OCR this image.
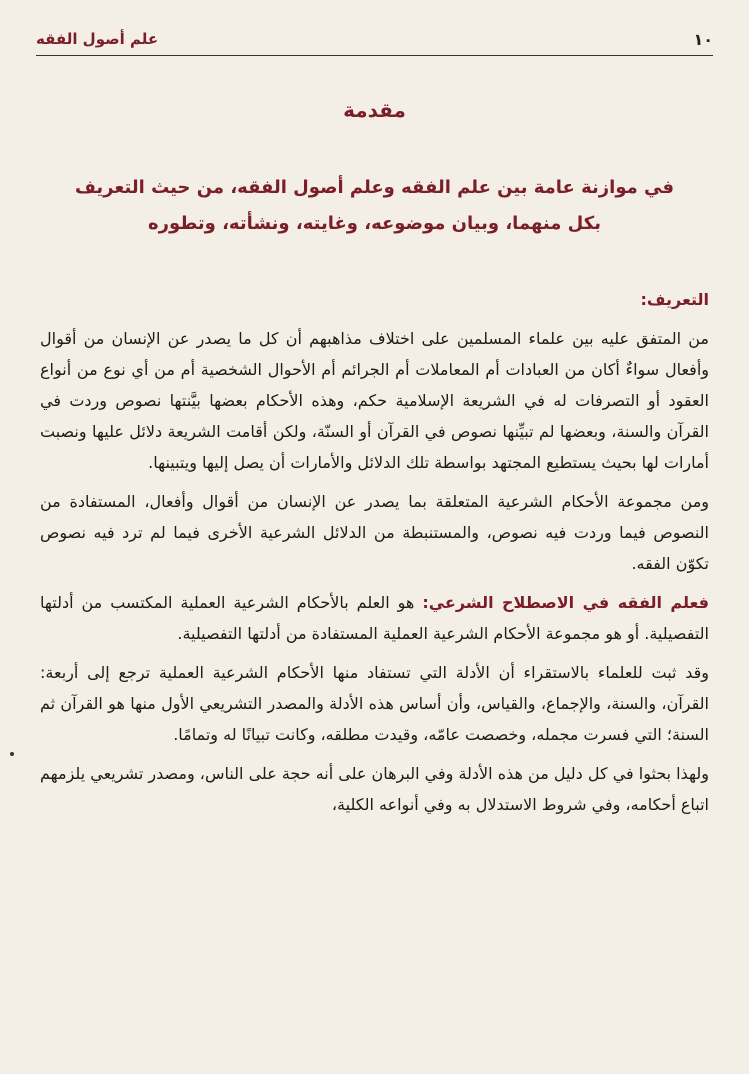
١٠
علم أصول الفقه
مقدمة
في موازنة عامة بين علم الفقه وعلم أصول الفقه، من حيث التعريف بكل منهما، وبيان موضوعه، وغايته، ونشأته، وتطوره

التعريف:

من المتفق عليه بين علماء المسلمين على اختلاف مذاهبهم أن كل ما يصدر عن الإنسان من أقوال وأفعال سواءٌ أكان من العبادات أم المعاملات أم الجرائم أم الأحوال الشخصية أم من أي نوع من أنواع العقود أو التصرفات له في الشريعة الإسلامية حكم، وهذه الأحكام بعضها بيَّنتها نصوص وردت في القرآن والسنة، وبعضها لم تبيِّنها نصوص في القرآن أو السنّة، ولكن أقامت الشريعة دلائل عليها ونصبت أمارات لها بحيث يستطيع المجتهد بواسطة تلك الدلائل والأمارات أن يصل إليها ويتبينها.

ومن مجموعة الأحكام الشرعية المتعلقة بما يصدر عن الإنسان من أقوال وأفعال، المستفادة من النصوص فيما وردت فيه نصوص، والمستنبطة من الدلائل الشرعية الأخرى فيما لم ترد فيه نصوص تكوّن الفقه.

فعلم الفقه في الاصطلاح الشرعي: هو العلم بالأحكام الشرعية العملية المكتسب من أدلتها التفصيلية. أو هو مجموعة الأحكام الشرعية العملية المستفادة من أدلتها التفصيلية.

وقد ثبت للعلماء بالاستقراء أن الأدلة التي تستفاد منها الأحكام الشرعية العملية ترجع إلى أربعة: القرآن، والسنة، والإجماع، والقياس، وأن أساس هذه الأدلة والمصدر التشريعي الأول منها هو القرآن ثم السنة؛ التي فسرت مجمله، وخصصت عامّه، وقيدت مطلقه، وكانت تبيانًا له وتمامًا.

ولهذا بحثوا في كل دليل من هذه الأدلة وفي البرهان على أنه حجة على الناس، ومصدر تشريعي يلزمهم اتباع أحكامه، وفي شروط الاستدلال به وفي أنواعه الكلية،
